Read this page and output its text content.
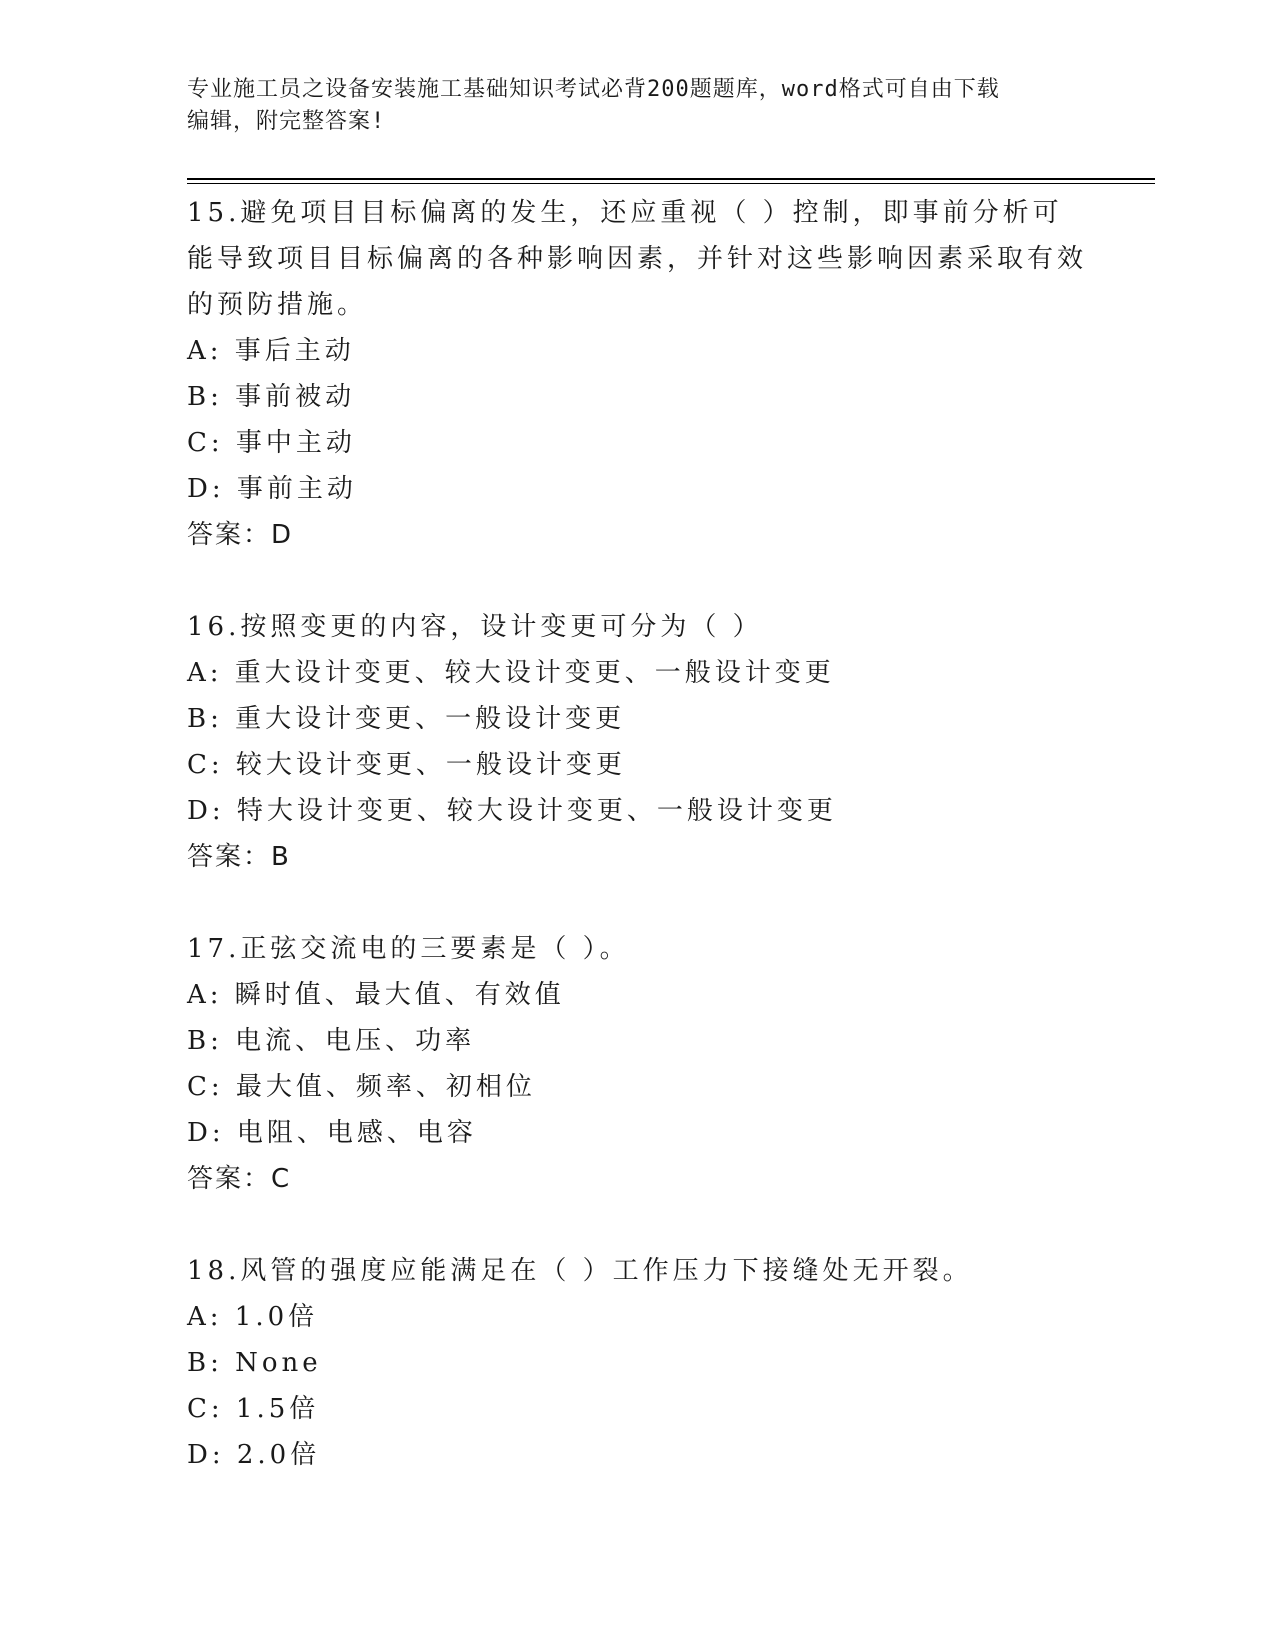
专业施工员之设备安装施工基础知识考试必背200题题库，word格式可自由下载
编辑，附完整答案!
15.避免项目目标偏离的发生，还应重视（ ）控制，即事前分析可能导致项目目标偏离的各种影响因素，并针对这些影响因素采取有效的预防措施。
A: 事后主动
B: 事前被动
C: 事中主动
D: 事前主动
答案：D
16.按照变更的内容，设计变更可分为（ ）
A: 重大设计变更、较大设计变更、一般设计变更
B: 重大设计变更、一般设计变更
C: 较大设计变更、一般设计变更
D: 特大设计变更、较大设计变更、一般设计变更
答案：B
17.正弦交流电的三要素是（ ）。
A: 瞬时值、最大值、有效值
B: 电流、电压、功率
C: 最大值、频率、初相位
D: 电阻、电感、电容
答案：C
18.风管的强度应能满足在（ ）工作压力下接缝处无开裂。
A: 1.0倍
B: None
C: 1.5倍
D: 2.0倍
